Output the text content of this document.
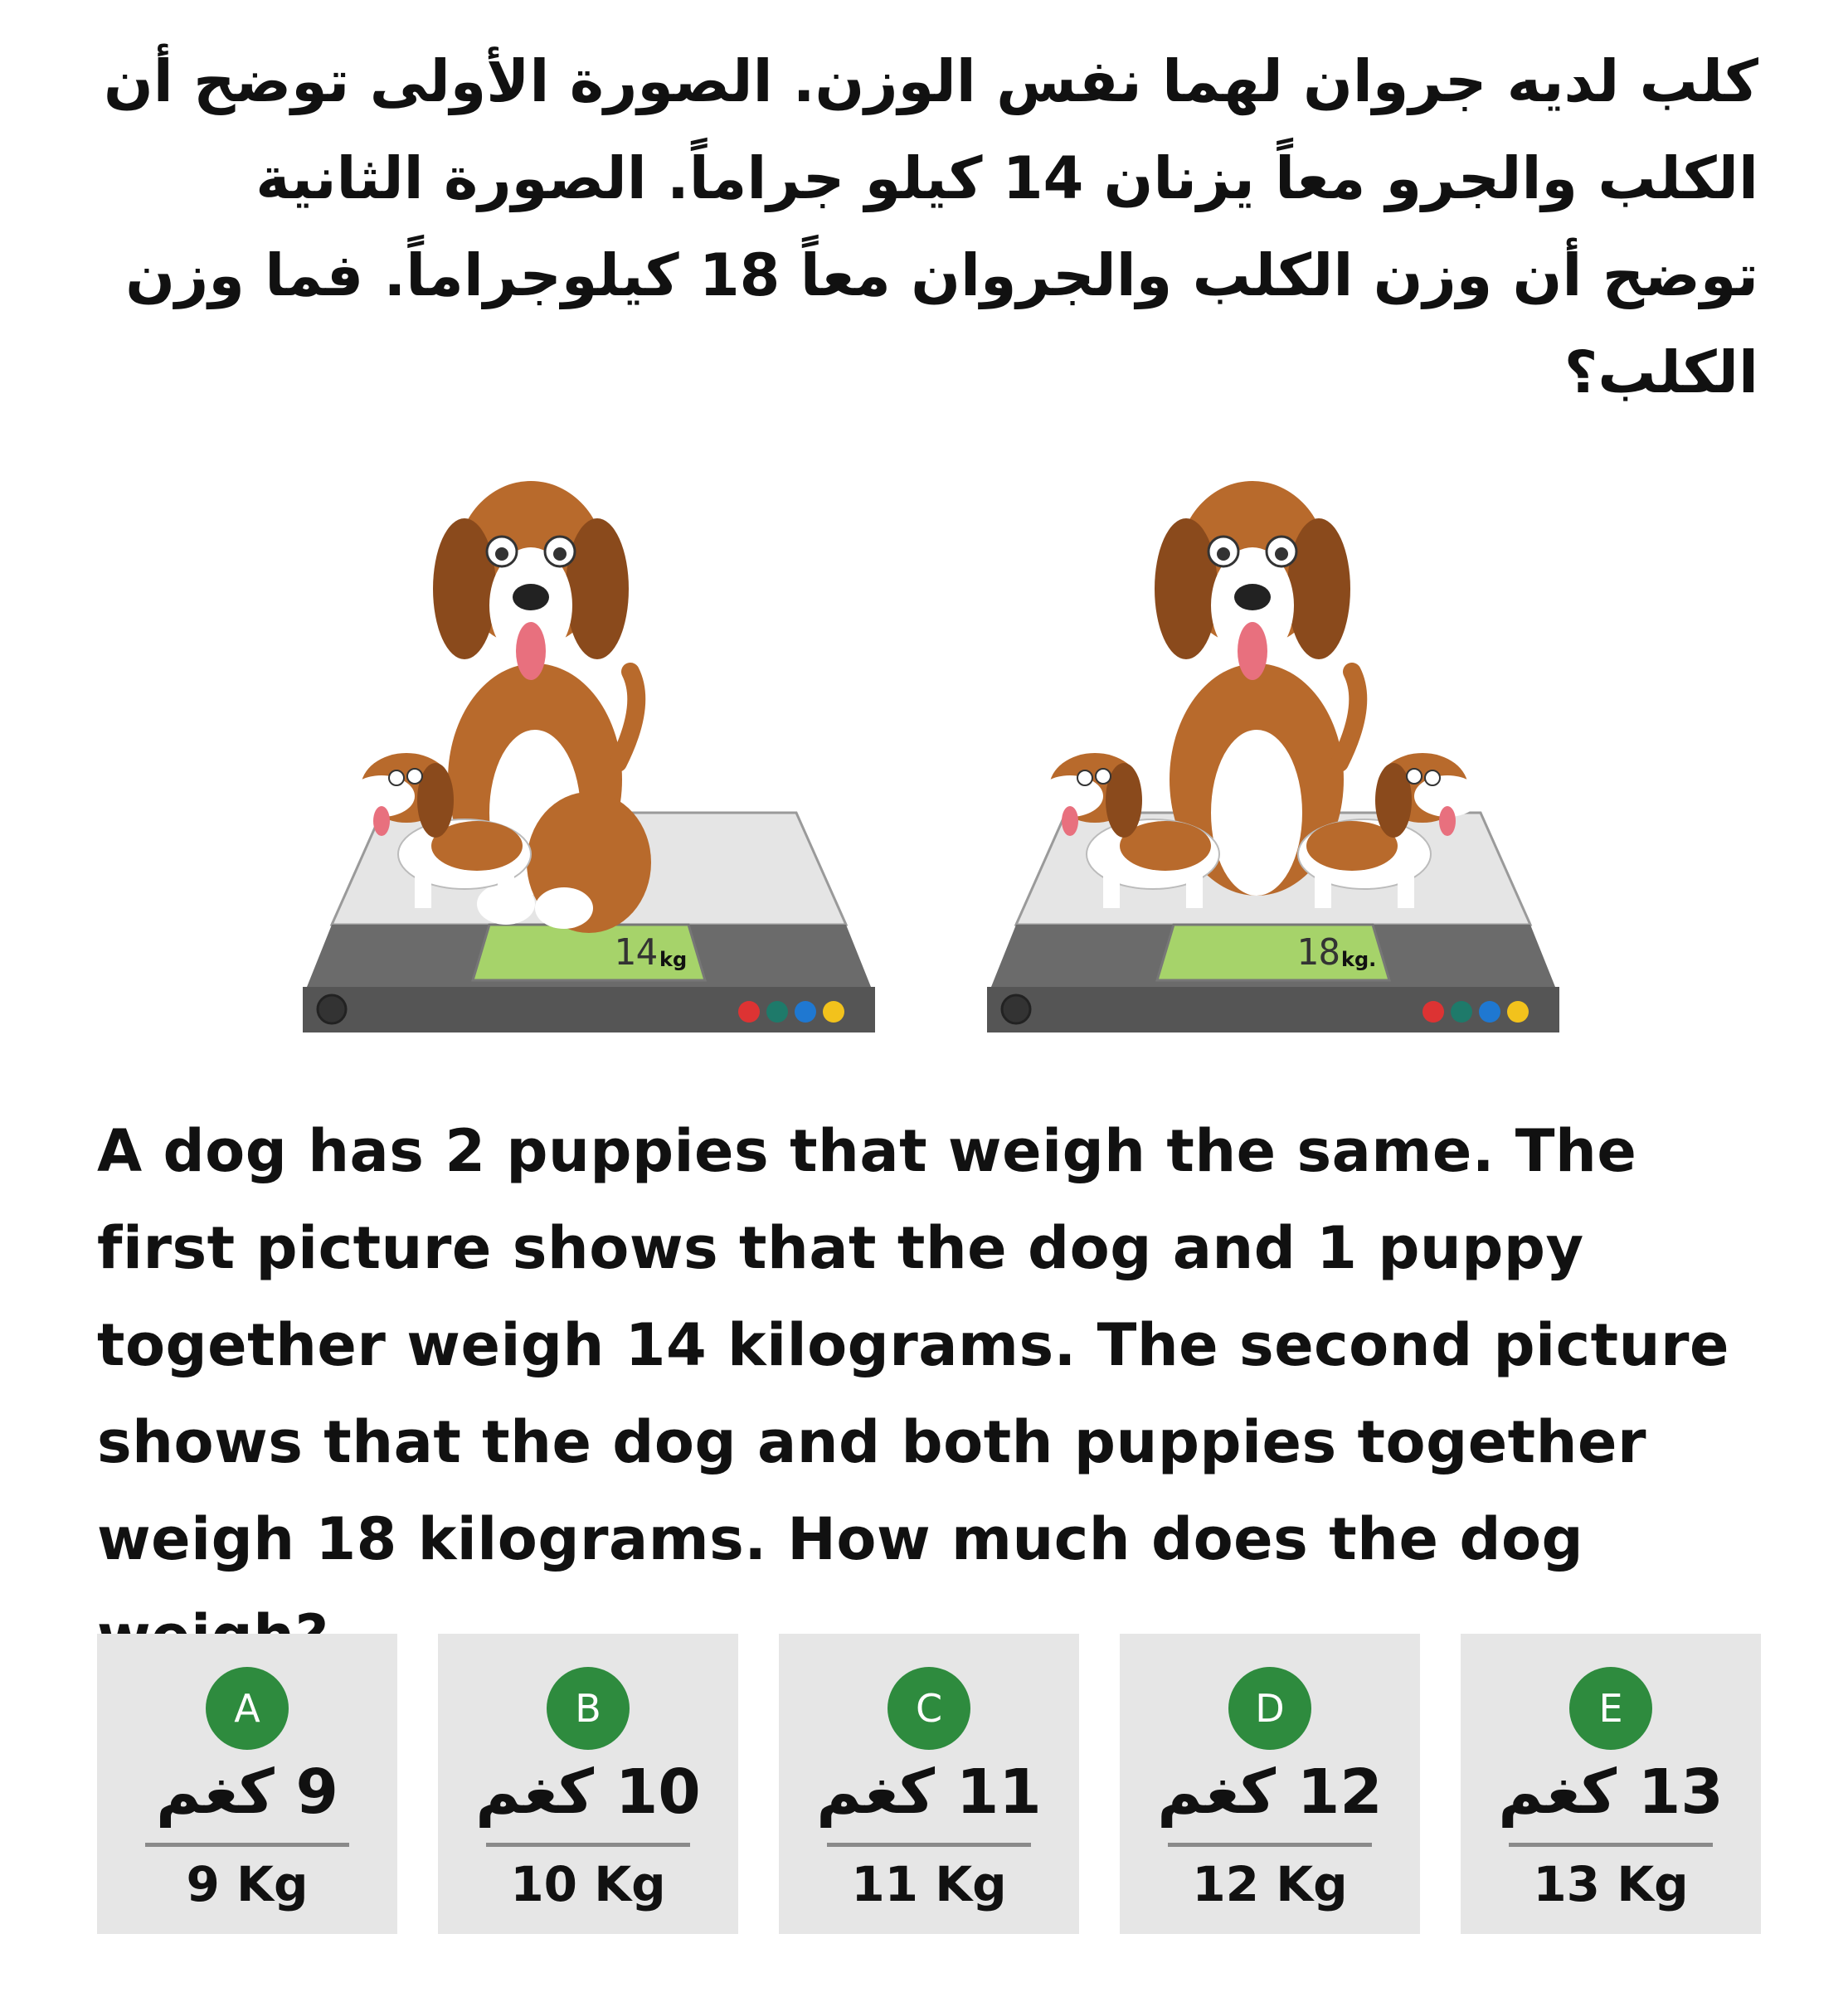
كلب لديه جروان لهما نفس الوزن. الصورة الأولى توضح أن الكلب والجرو معاً يزنان 14 كيلو جراماً. الصورة الثانية توضح أن وزن الكلب والجروان معاً 18 كيلوجراماً. فما وزن الكلب؟

14 kg	18 kg.

A dog has 2 puppies that weigh the same. The first picture shows that the dog and 1 puppy together weigh 14 kilograms. The second picture shows that the dog and both puppies together weigh 18 kilograms. How much does the dog

A
9 كغم
9 Kg
B
10 كغم
10 Kg
C
11 كغم
11 Kg
D
12 كغم
12 Kg
E
13 كغم
13 Kg
